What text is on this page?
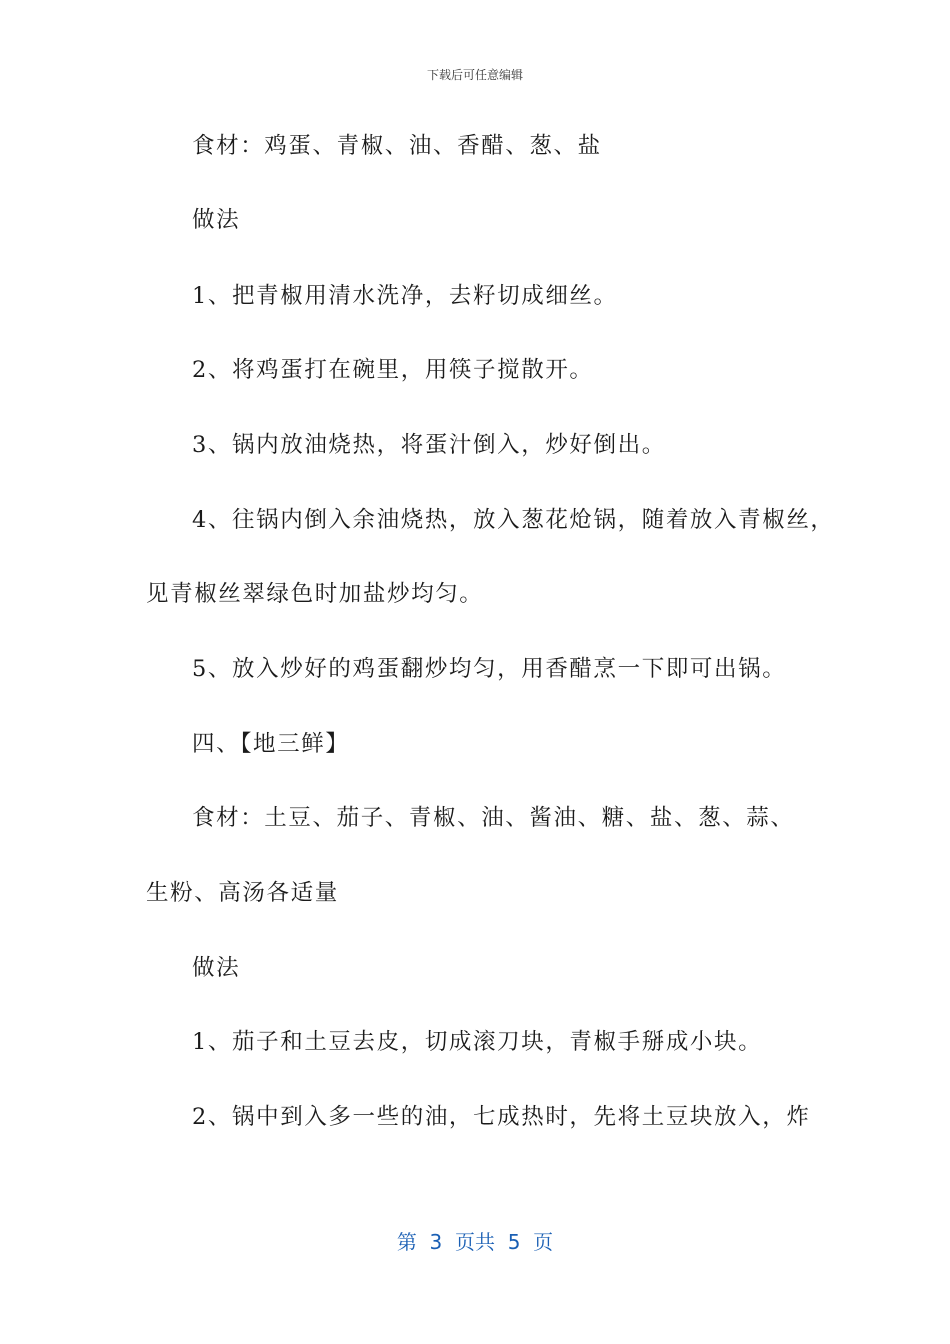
下载后可任意编辑
食材：鸡蛋、青椒、油、香醋、葱、盐
做法
1、把青椒用清水洗净，去籽切成细丝。
2、将鸡蛋打在碗里，用筷子搅散开。
3、锅内放油烧热，将蛋汁倒入，炒好倒出。
4、往锅内倒入余油烧热，放入葱花炝锅，随着放入青椒丝，
见青椒丝翠绿色时加盐炒均匀。
5、放入炒好的鸡蛋翻炒均匀，用香醋烹一下即可出锅。
四、【地三鲜】
食材：土豆、茄子、青椒、油、酱油、糖、盐、葱、蒜、
生粉、高汤各适量
做法
1、茄子和土豆去皮，切成滚刀块，青椒手掰成小块。
2、锅中到入多一些的油，七成热时，先将土豆块放入，炸
第  3  页共  5  页
